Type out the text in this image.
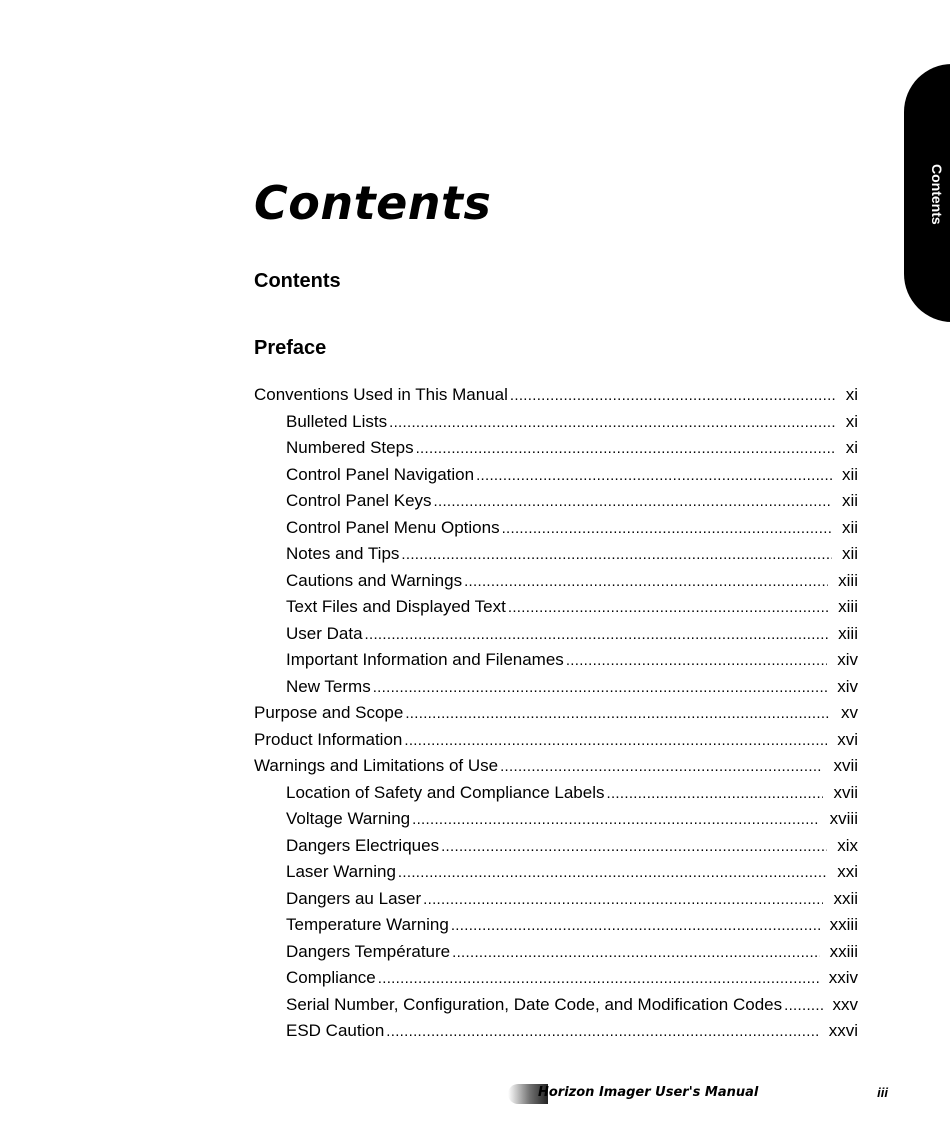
Contents
Contents
Contents
Preface
Conventions Used in This Manual .....	xi
Bulleted Lists .....	xi
Numbered Steps .....	xi
Control Panel Navigation .....	xii
Control Panel Keys .....	xii
Control Panel Menu Options .....	xii
Notes and Tips .....	xii
Cautions and Warnings .....	xiii
Text Files and Displayed Text .....	xiii
User Data .....	xiii
Important Information and Filenames .....	xiv
New Terms .....	xiv
Purpose and Scope .....	xv
Product Information .....	xvi
Warnings and Limitations of Use .....	xvii
Location of Safety and Compliance Labels .....	xvii
Voltage Warning .....	xviii
Dangers Electriques .....	xix
Laser Warning .....	xxi
Dangers au Laser .....	xxii
Temperature Warning .....	xxiii
Dangers Température .....	xxiii
Compliance .....	xxiv
Serial Number, Configuration, Date Code, and Modification Codes .....	xxv
ESD Caution .....	xxvi
Horizon Imager User's Manual	iii
